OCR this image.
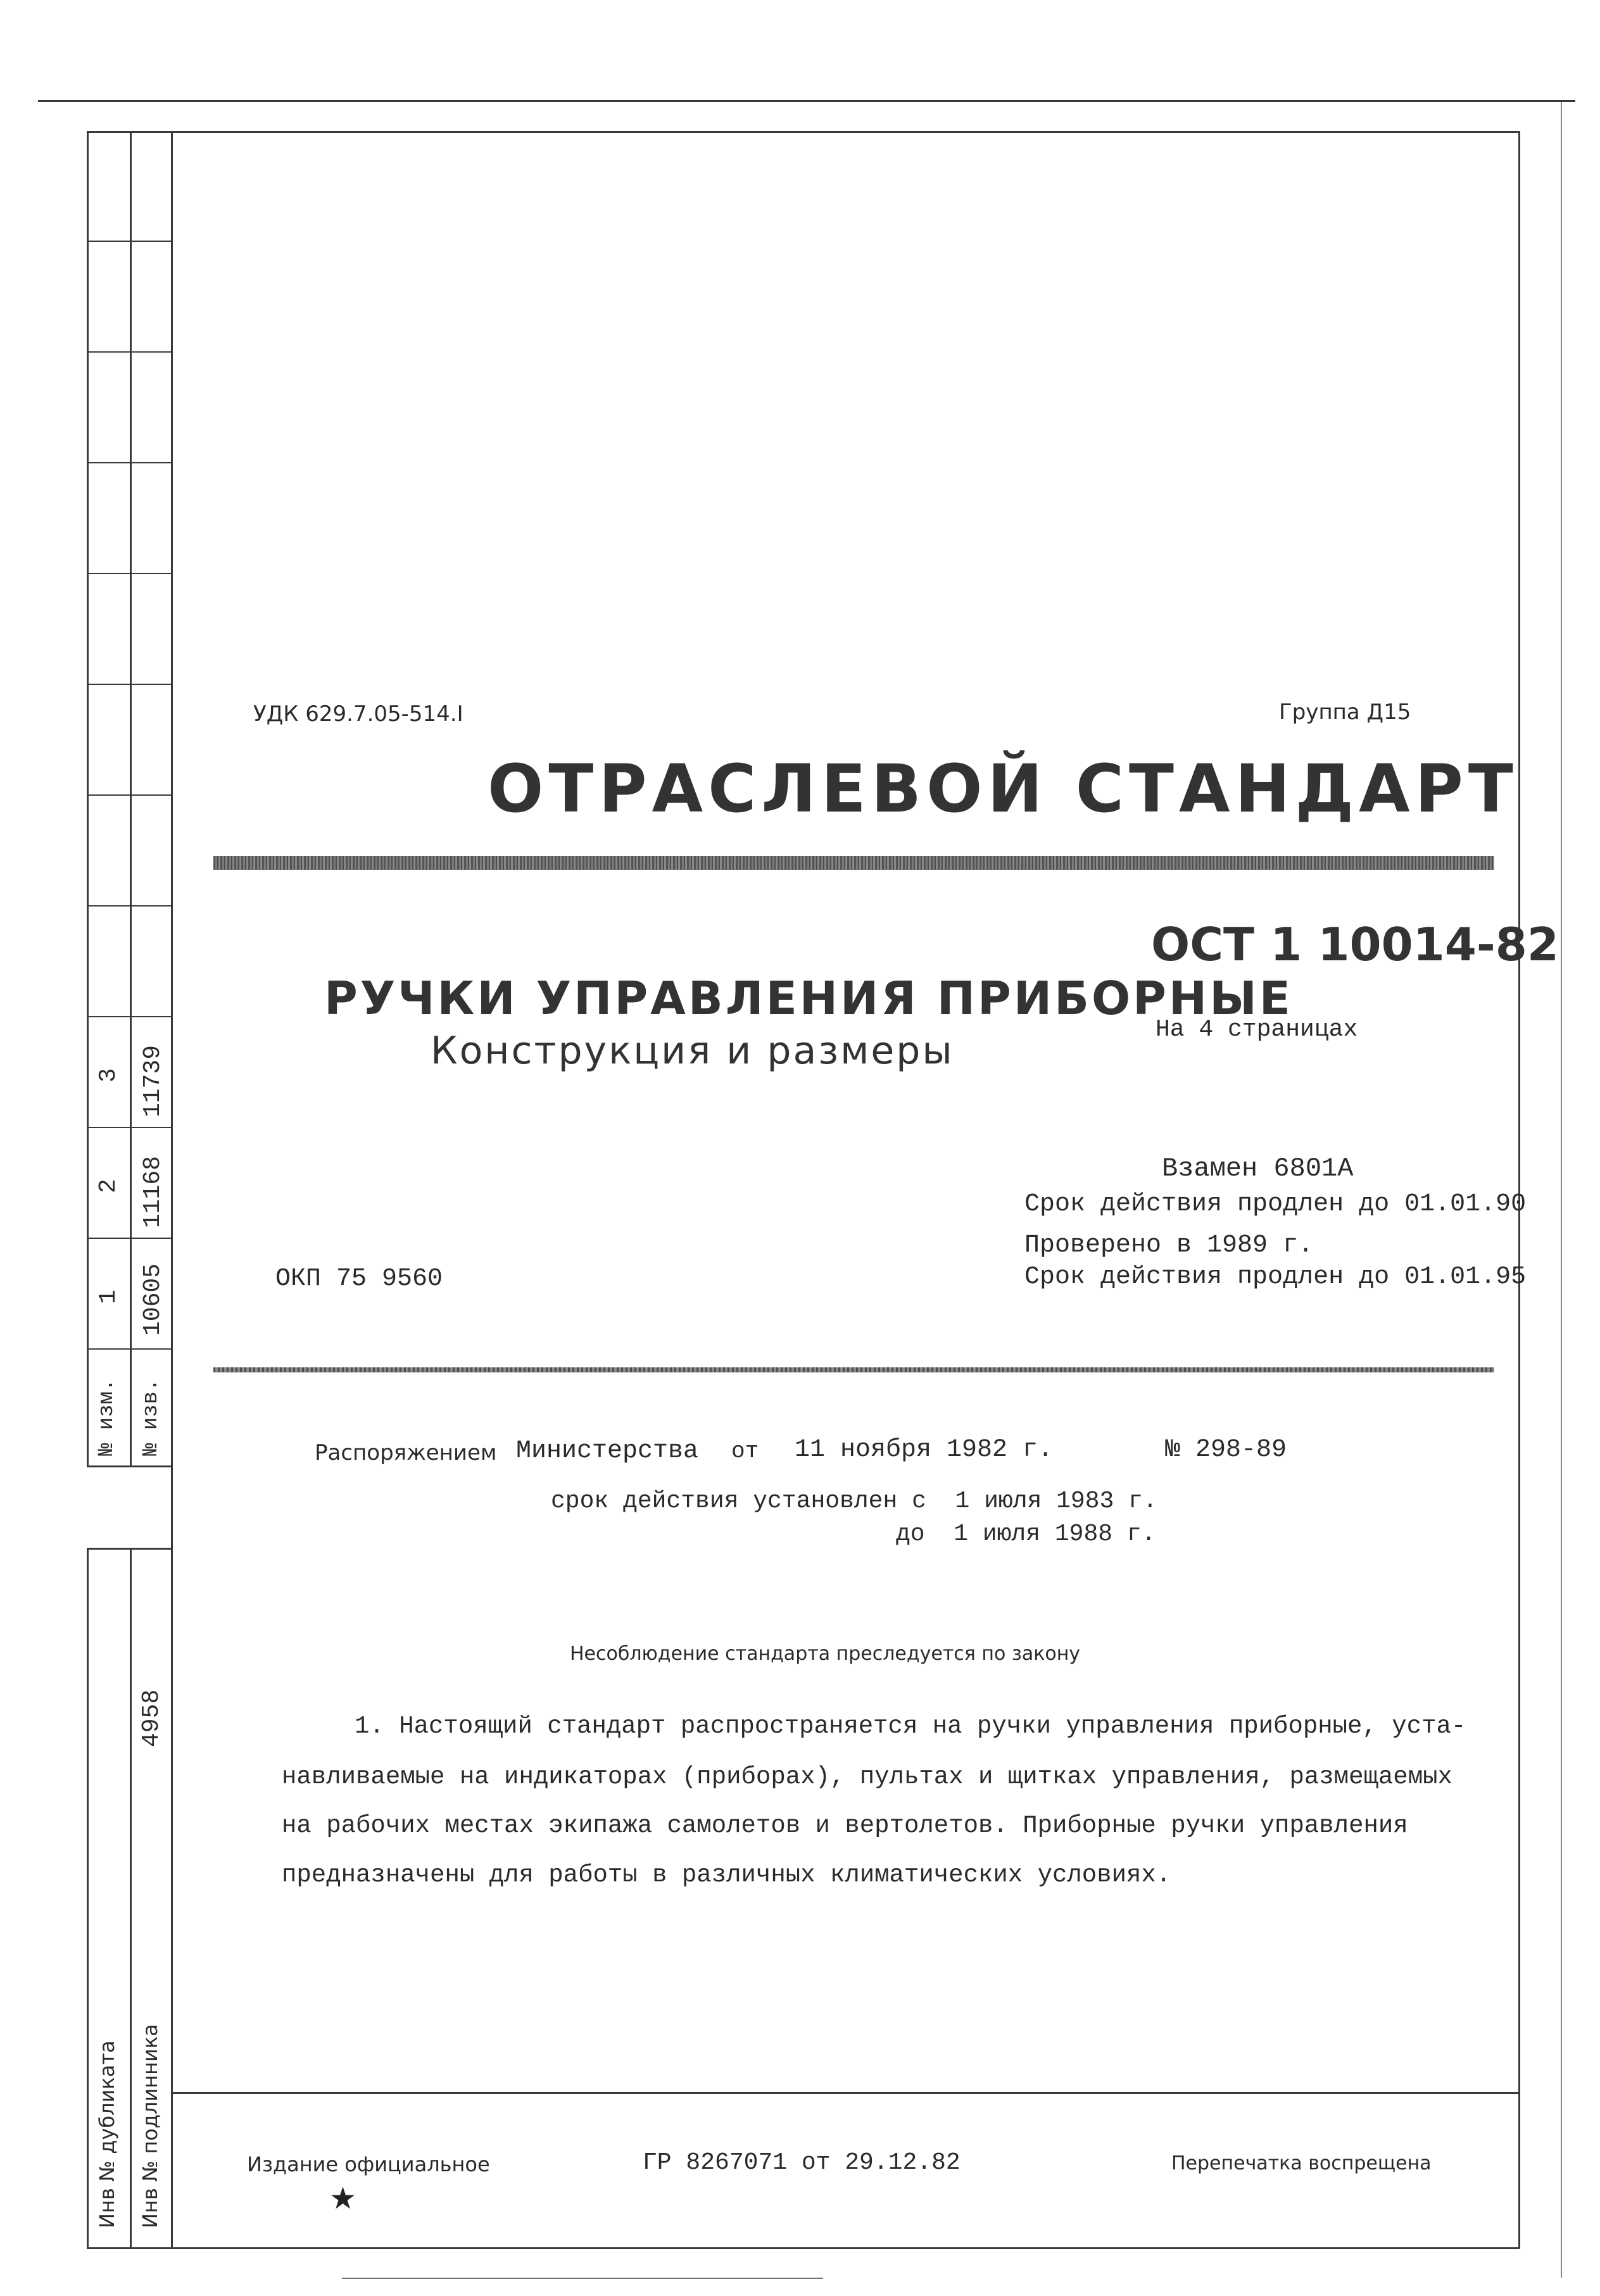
№ изм. № изв.
1 10605
2 11168
3 11739
4958
Инв № дубликата Инв № подлинника
УДК 629.7.05-514.I	Группа Д15
ОТРАСЛЕВОЙ СТАНДАРТ
ОСТ 1 10014-82
РУЧКИ УПРАВЛЕНИЯ ПРИБОРНЫЕ
Конструкция и размеры	На 4 страницах
Взамен 6801А
Срок действия продлен до 01.01.90
Проверено в 1989 г.
Срок действия продлен до 01.01.95
ОКП 75 9560
Распоряжением Министерства от 11 ноября 1982 г.	№ 298-89
срок действия установлен с  1 июля 1983 г.
до  1 июля 1988 г.
Несоблюдение стандарта преследуется по закону
1. Настоящий стандарт распространяется на ручки управления приборные, уста-
навливаемые на индикаторах (приборах), пультах и щитках управления, размещаемых
на рабочих местах экипажа самолетов и вертолетов. Приборные ручки управления
предназначены для работы в различных климатических условиях.
Издание официальное
★
ГР 8267071 от 29.12.82	Перепечатка воспрещена
